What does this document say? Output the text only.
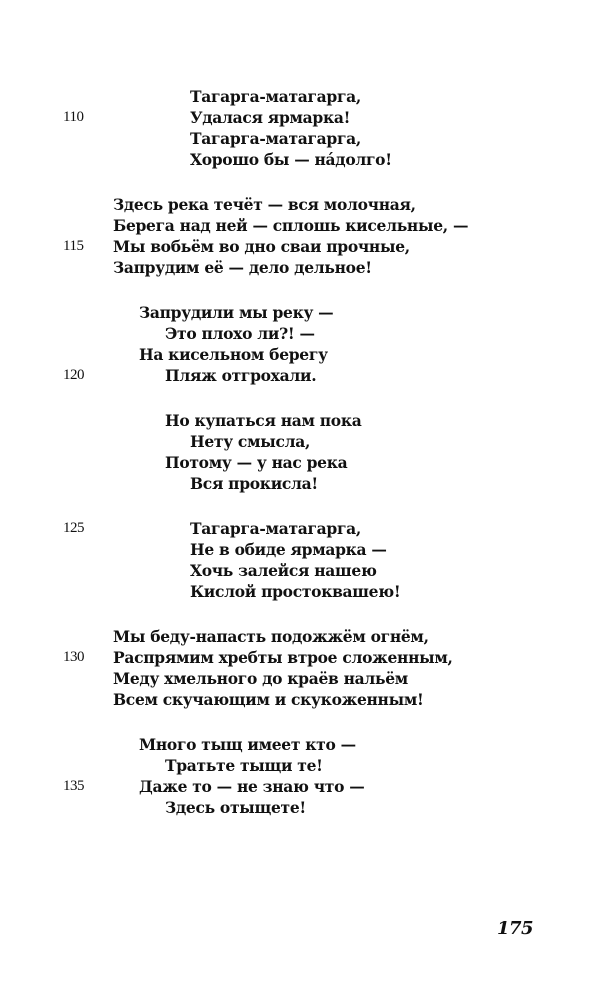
Тагарга-матагарга,
Удалася ярмарка!
110
Тагарга-матагарга,
Хорошо бы — на́долго!
Здесь река течёт — вся молочная,
Берега над ней — сплошь кисельные, —
Мы вобьём во дно сваи прочные,
115
Запрудим её — дело дельное!
Запрудили мы реку —
Это плохо ли?! —
На кисельном берегу
Пляж отгрохали.
120
Но купаться нам пока
Нету смысла,
Потому — у нас река
Вся прокисла!
Тагарга-матагарга,
125
Не в обиде ярмарка —
Хочь залейся нашею
Кислой простоквашею!
Мы беду-напасть подожжём огнём,
Распрямим хребты втрое сложенным,
130
Меду хмельного до краёв нальём
Всем скучающим и скукоженным!
Много тыщ имеет кто —
Тратьте тыщи те!
Даже то — не знаю что —
135
Здесь отыщете!
175
